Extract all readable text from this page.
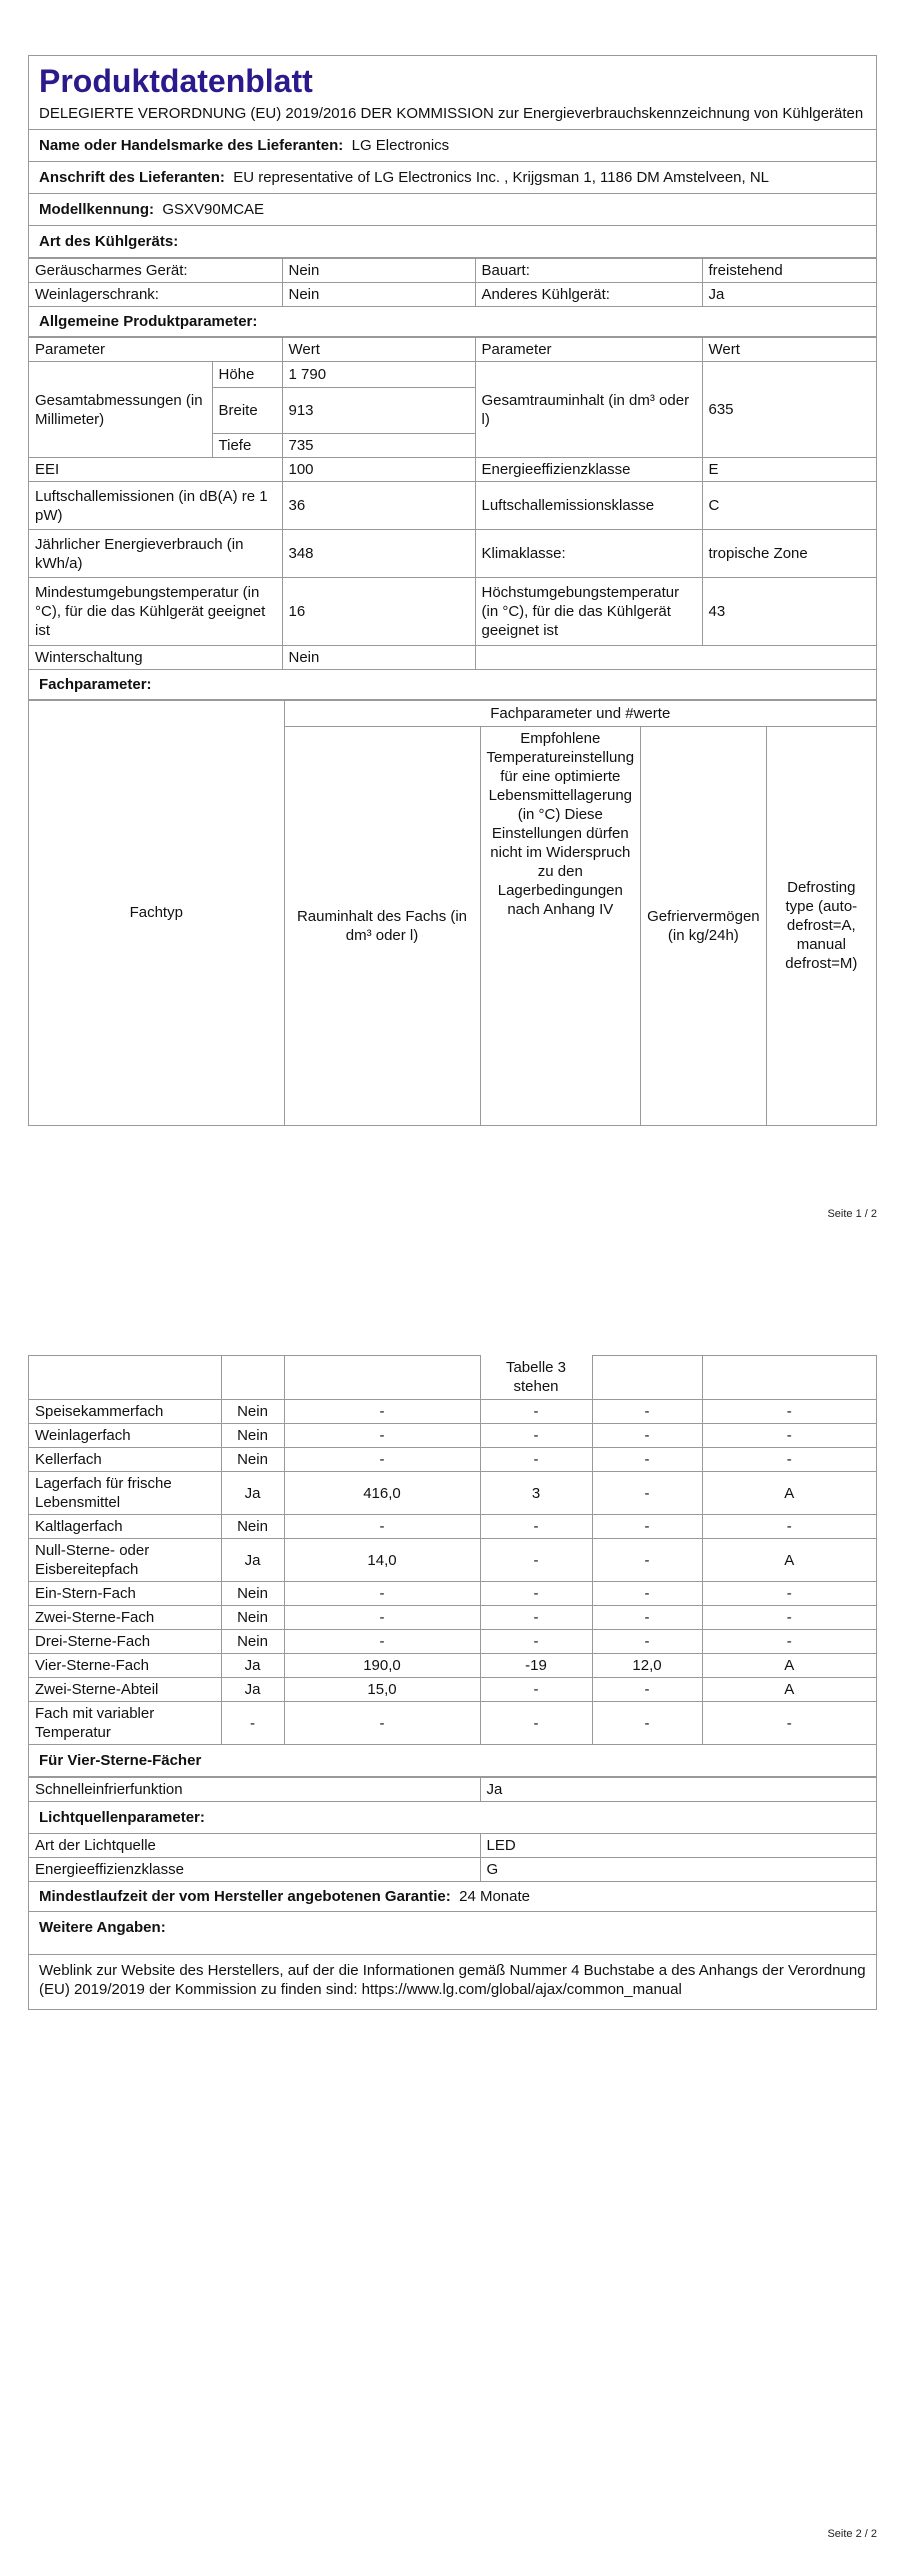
Produktdatenblatt
DELEGIERTE VERORDNUNG (EU) 2019/2016 DER KOMMISSION zur Energieverbrauchskennzeichnung von Kühlgeräten
Name oder Handelsmarke des Lieferanten: LG Electronics
Anschrift des Lieferanten: EU representative of LG Electronics Inc. , Krijgsman 1, 1186 DM Amstelveen, NL
Modellkennung: GSXV90MCAE
Art des Kühlgeräts:
Geräuscharmes Gerät:	Nein	Bauart:	freistehend
Weinlagerschrank:	Nein	Anderes Kühlgerät:	Ja
Allgemeine Produktparameter:			
Parameter		Wert	Parameter	Wert
Gesamtabmessungen (in Millimeter)	Höhe	1 790	Gesamtrauminhalt (in dm³ oder l)	635
	Breite	913		
	Tiefe	735		
EEI		100	Energieeffizienzklasse	E
Luftschallemissionen (in dB(A) re 1 pW)		36	Luftschallemissionsklasse	C
Jährlicher Energieverbrauch (in kWh/a)		348	Klimaklasse:	tropische Zone
Mindestumgebungstemperatur (in °C), für die das Kühlgerät geeignet ist		16	Höchstumgebungstemperatur (in °C), für die das Kühlgerät geeignet ist	43
Winterschaltung		Nein		
Fachparameter:				
Fachtyp	Fachparameter und #werte			
	Rauminhalt des Fachs (in dm³ oder l)	Empfohlene Temperatureinstellung für eine optimierte Lebensmittellagerung (in °C) Diese Einstellungen dürfen nicht im Widerspruch zu den Lagerbedingungen nach Anhang IV	Gefriervermögen (in kg/24h)	Defrosting type (auto-defrost=A, manual defrost=M)
Seite 1 / 2
			Tabelle 3 stehen		
Speisekammerfach	Nein	-	-	-	-
Weinlagerfach	Nein	-	-	-	-
Kellerfach	Nein	-	-	-	-
Lagerfach für frische Lebensmittel	Ja	416,0	3	-	A
Kaltlagerfach	Nein	-	-	-	-
Null-Sterne- oder Eisbereitерfach	Ja	14,0	-	-	A
Ein-Stern-Fach	Nein	-	-	-	-
Zwei-Sterne-Fach	Nein	-	-	-	-
Drei-Sterne-Fach	Nein	-	-	-	-
Vier-Sterne-Fach	Ja	190,0	-19	12,0	A
Zwei-Sterne-Abteil	Ja	15,0	-	-	A
Fach mit variabler Temperatur	-	-	-	-	-
Für Vier-Sterne-Fächer					
Schnelleinfrierfunktion	Ja
Lichtquellenparameter:	
Art der Lichtquelle	LED
Energieeffizienzklasse	G
Mindestlaufzeit der vom Hersteller angebotenen Garantie: 24 Monate	
Weitere Angaben:	
Weblink zur Website des Herstellers, auf der die Informationen gemäß Nummer 4 Buchstabe a des Anhangs der Verordnung (EU) 2019/2019 der Kommission zu finden sind: https://www.lg.com/global/ajax/common_manual	
Seite 2 / 2
